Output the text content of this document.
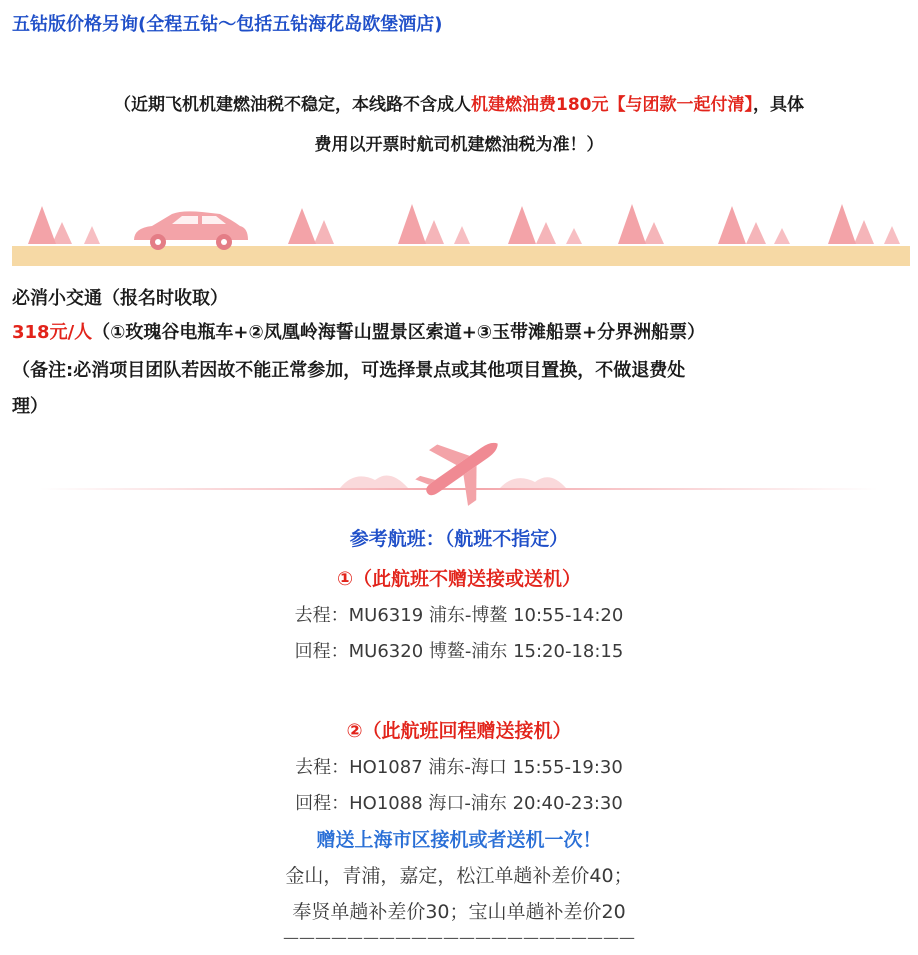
五钻版价格另询(全程五钻～包括五钻海花岛欧堡酒店)
（近期飞机机建燃油税不稳定，本线路不含成人机建燃油费180元【与团款一起付清】，具体
费用以开票时航司机建燃油税为准！）
必消小交通（报名时收取）
318元/人（①玫瑰谷电瓶车+②凤凰岭海誓山盟景区索道+③玉带滩船票+分界洲船票）
（备注:必消项目团队若因故不能正常参加，可选择景点或其他项目置换，不做退费处
理）
参考航班：（航班不指定）
①（此航班不赠送接或送机）
去程：MU6319 浦东-博鳌 10:55-14:20
回程：MU6320 博鳌-浦东 15:20-18:15
②（此航班回程赠送接机）
去程：HO1087 浦东-海口 15:55-19:30
回程：HO1088 海口-浦东 20:40-23:30
赠送上海市区接机或者送机一次！
金山，青浦，嘉定，松江单趟补差价40；
奉贤单趟补差价30；宝山单趟补差价20
——————————————————————
